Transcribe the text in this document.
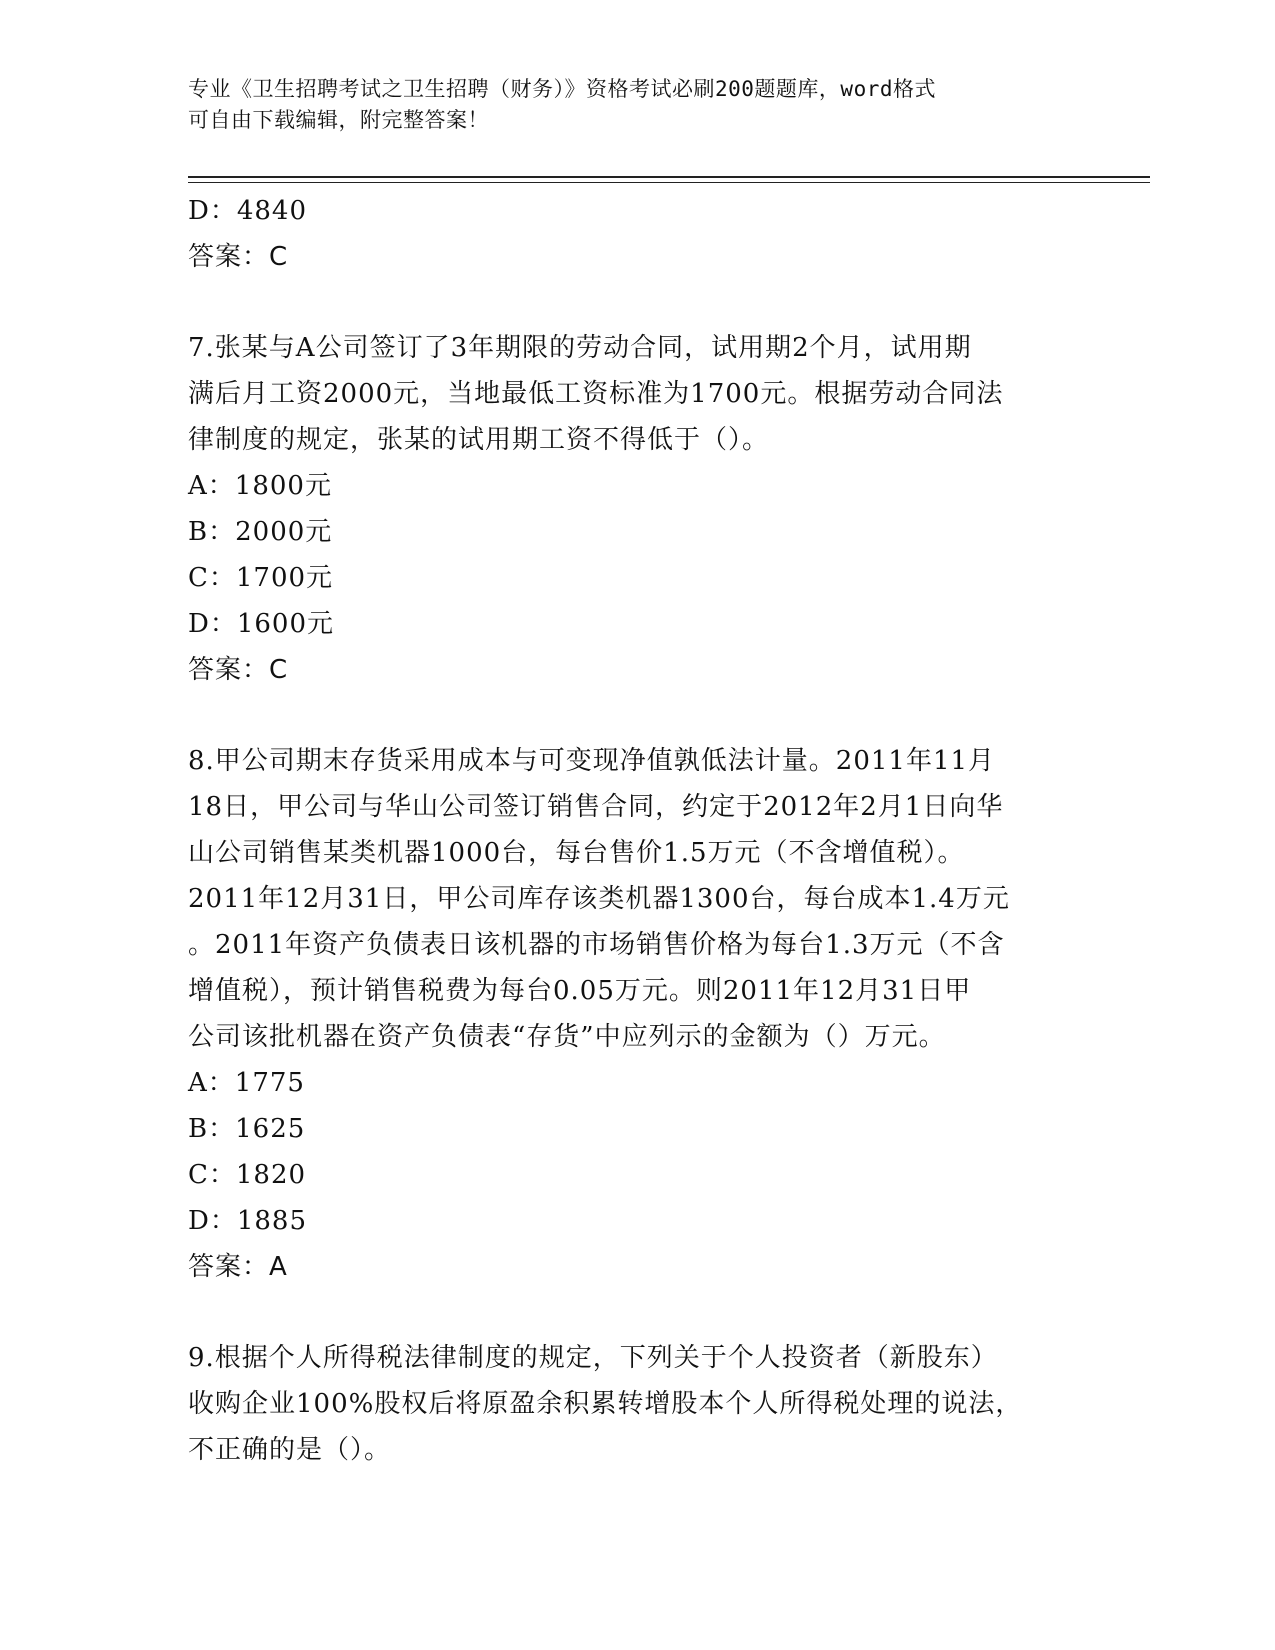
专业《卫生招聘考试之卫生招聘（财务）》资格考试必刷200题题库，word格式
可自由下载编辑，附完整答案！
D：4840
答案：C
7.张某与A公司签订了3年期限的劳动合同，试用期2个月，试用期
满后月工资2000元，当地最低工资标准为1700元。根据劳动合同法
律制度的规定，张某的试用期工资不得低于（）。
A：1800元
B：2000元
C：1700元
D：1600元
答案：C
8.甲公司期末存货采用成本与可变现净值孰低法计量。2011年11月
18日，甲公司与华山公司签订销售合同，约定于2012年2月1日向华
山公司销售某类机器1000台，每台售价1.5万元（不含增值税）。
2011年12月31日，甲公司库存该类机器1300台，每台成本1.4万元
。2011年资产负债表日该机器的市场销售价格为每台1.3万元（不含
增值税），预计销售税费为每台0.05万元。则2011年12月31日甲
公司该批机器在资产负债表“存货”中应列示的金额为（）万元。
A：1775
B：1625
C：1820
D：1885
答案：A
9.根据个人所得税法律制度的规定，下列关于个人投资者（新股东）
收购企业100%股权后将原盈余积累转增股本个人所得税处理的说法，
不正确的是（）。
